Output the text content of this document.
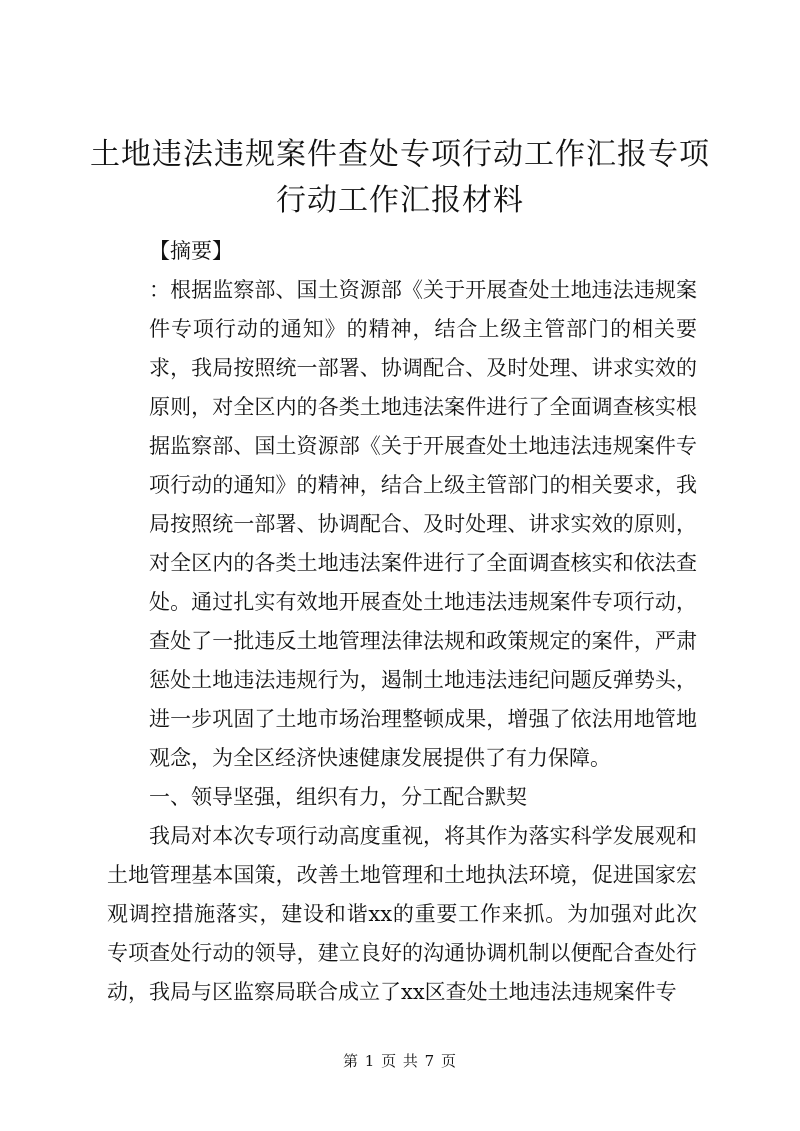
土地违法违规案件查处专项行动工作汇报专项
行动工作汇报材料

【摘要】

：根据监察部、国土资源部《关于开展查处土地违法违规案件专项行动的通知》的精神，结合上级主管部门的相关要求，我局按照统一部署、协调配合、及时处理、讲求实效的原则，对全区内的各类土地违法案件进行了全面调查核实根据监察部、国土资源部《关于开展查处土地违法违规案件专项行动的通知》的精神，结合上级主管部门的相关要求，我局按照统一部署、协调配合、及时处理、讲求实效的原则，对全区内的各类土地违法案件进行了全面调查核实和依法查处。通过扎实有效地开展查处土地违法违规案件专项行动，查处了一批违反土地管理法律法规和政策规定的案件，严肃惩处土地违法违规行为，遏制土地违法违纪问题反弹势头，进一步巩固了土地市场治理整顿成果，增强了依法用地管地观念，为全区经济快速健康发展提供了有力保障。

一、领导坚强，组织有力，分工配合默契

我局对本次专项行动高度重视，将其作为落实科学发展观和土地管理基本国策，改善土地管理和土地执法环境，促进国家宏观调控措施落实，建设和谐xx的重要工作来抓。为加强对此次专项查处行动的领导，建立良好的沟通协调机制以便配合查处行动，我局与区监察局联合成立了xx区查处土地违法违规案件专

第 1 页 共 7 页
